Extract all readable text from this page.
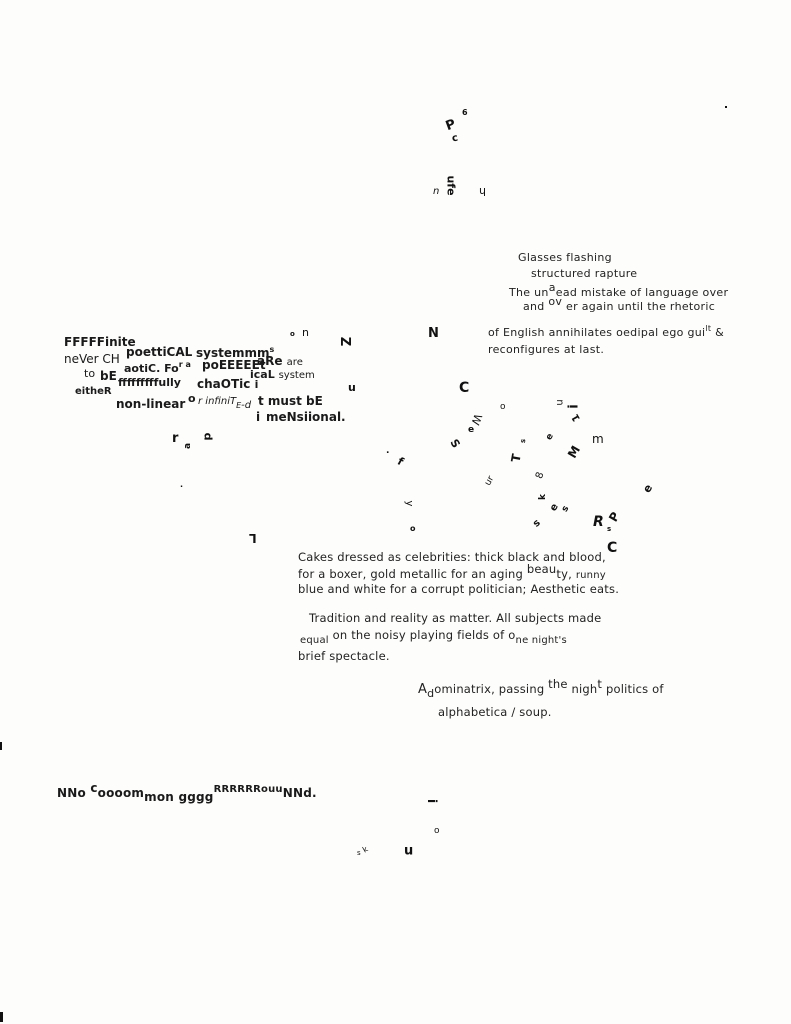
P
6
c
ufe
n	h
Glasses flashing
structured rapture
The unaead mistake of language over
and ov er again until the rhetoric
of English annihilates oedipal ego gui$^{lt}$ &
reconfigures at last.
FFFFFinite
poettiCAL systemmm$^s$
neVer CH
aotiC. $Fo^{r a}$ poEEEEEt
aRe are
to bE fffffffffully chaOTic i
icaL system
eitheR
non-linear o r infiniT$_E$-d t must bE
i meNsiional.
o n
Z
N
u
r a
p
.
C
W
e
S
o
.
f
ur
T
s e
8
m
M
i
u
1
k
e
s
s
R s
P
C
e
y
o
L
Cakes dressed as celebrities: thick black and blood,
for a boxer, gold metallic for an aging beauty, runny
blue and white for a corrupt politician; Aesthetic eats.
Tradition and reality as matter. All subjects made
equal on the noisy playing fields of one night's
brief spectacle.
Adominatrix, passing the night politics of
alphabetica / soup.
NNo coooommon gggg$^{RRRRRRouu}$NNd.
i
o
n
k
s
